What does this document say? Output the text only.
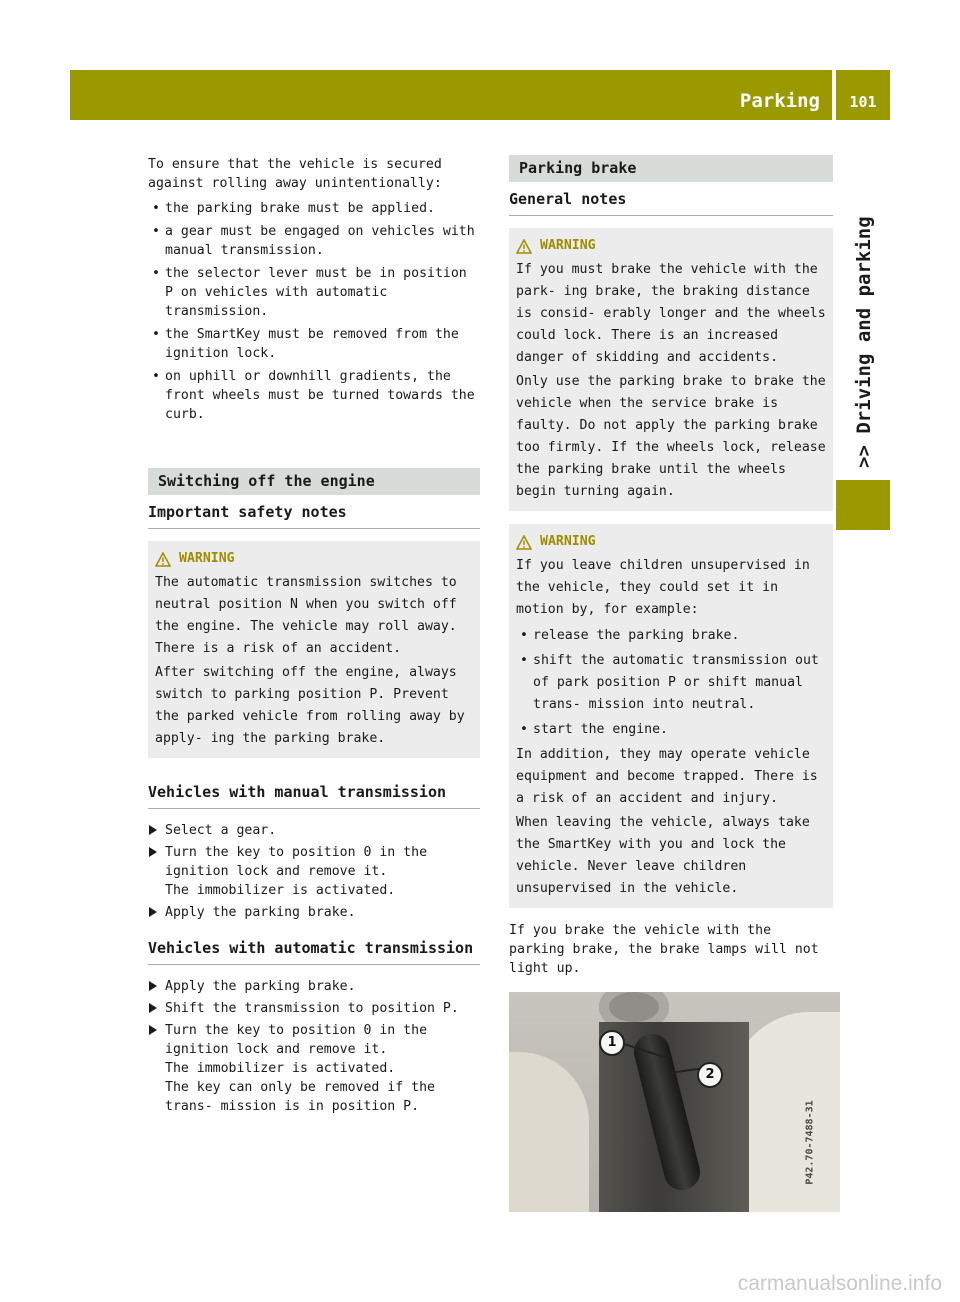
Parking	101
>> Driving and parking

To ensure that the vehicle is secured against rolling away unintentionally:

• the parking brake must be applied.
• a gear must be engaged on vehicles with manual transmission.
• the selector lever must be in position P on vehicles with automatic transmission.
• the SmartKey must be removed from the ignition lock.
• on uphill or downhill gradients, the front wheels must be turned towards the curb.
Switching off the engine
Important safety notes
WARNING

The automatic transmission switches to neutral position N when you switch off the engine. The vehicle may roll away. There is a risk of an accident.

After switching off the engine, always switch to parking position P. Prevent the parked vehicle from rolling away by apply- ing the parking brake.

Vehicles with manual transmission
Select a gear.
Turn the key to position 0 in the ignition lock and remove it.
The immobilizer is activated.
Apply the parking brake.
Vehicles with automatic transmission
Apply the parking brake.
Shift the transmission to position P.
Turn the key to position 0 in the ignition lock and remove it.
The immobilizer is activated.
The key can only be removed if the trans- mission is in position P.
Parking brake
General notes
WARNING

If you must brake the vehicle with the park- ing brake, the braking distance is consid- erably longer and the wheels could lock. There is an increased danger of skidding and accidents.

Only use the parking brake to brake the vehicle when the service brake is faulty. Do not apply the parking brake too firmly. If the wheels lock, release the parking brake until the wheels begin turning again.

WARNING

If you leave children unsupervised in the vehicle, they could set it in motion by, for example:

• release the parking brake.
• shift the automatic transmission out of park position P or shift manual trans- mission into neutral.
• start the engine.

In addition, they may operate vehicle equipment and become trapped. There is a risk of an accident and injury.

When leaving the vehicle, always take the SmartKey with you and lock the vehicle. Never leave children unsupervised in the vehicle.

If you brake the vehicle with the parking brake, the brake lamps will not light up.

1
2
P42.70-7488-31
carmanualsonline.info
